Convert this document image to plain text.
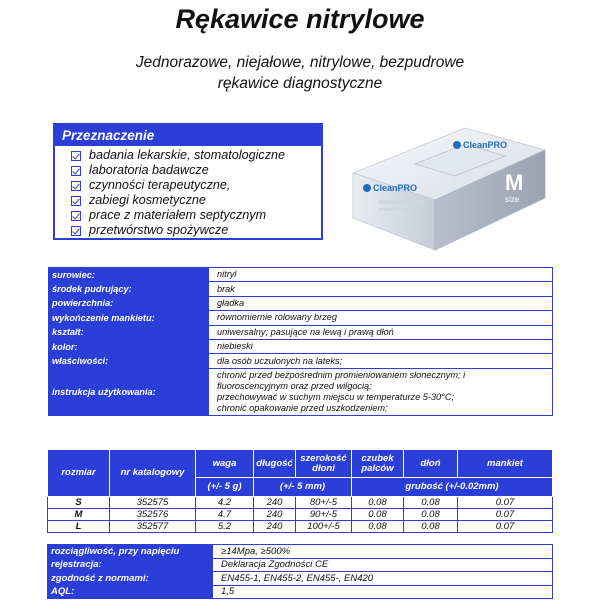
Rękawice nitrylowe
Jednorazowe, niejałowe, nitrylowe, bezpudrowe
rękawice diagnostyczne
Przeznaczenie
badania lekarskie, stomatologiczne
laboratoria badawcze
czynności terapeutyczne,
zabiegi kosmetyczne
prace z materiałem septycznym
przetwórstwo spożywcze
CleanPRO
CleanPRO	M
size
surowiec:	nitryl
środek pudrujący:	brak
powierzchnia:	gładka
wykończenie mankietu:	równomiernie rolowany brzeg
kształt:	uniwersalny; pasujące na lewą i prawą dłoń
kolor:	niebieski
właściwości:	dla osób uczulonych na lateks;
instrukcja użytkowania:	chronić przed bezpośrednim promieniowaniem słonecznym; i
fluoroscencyjnym oraz przed wilgocią;
przechowywać w suchym miejscu w temperaturze 5-30°C;
chronić opakowanie przed uszkodzeniem;
rozmiar	nr katalogowy	waga	długość	szerokość dłoni	czubek palców	dłoń	mankiet
		(+/- 5 g)	(+/- 5 mm)		grubość (+/-0.02mm)		
S	352575	4.2	240	80+/-5	0.08	0.08	0.07
M	352576	4.7	240	90+/-5	0.08	0.08	0.07
L	352577	5.2	240	100+/-5	0.08	0.08	0.07
rozciągliwość, przy napięciu	≥14Mpa, ≥500%
rejestracja:	Deklaracja Zgodności CE
zgodność z normami:	EN455-1, EN455-2, EN455-, EN420
AQL:	1,5
